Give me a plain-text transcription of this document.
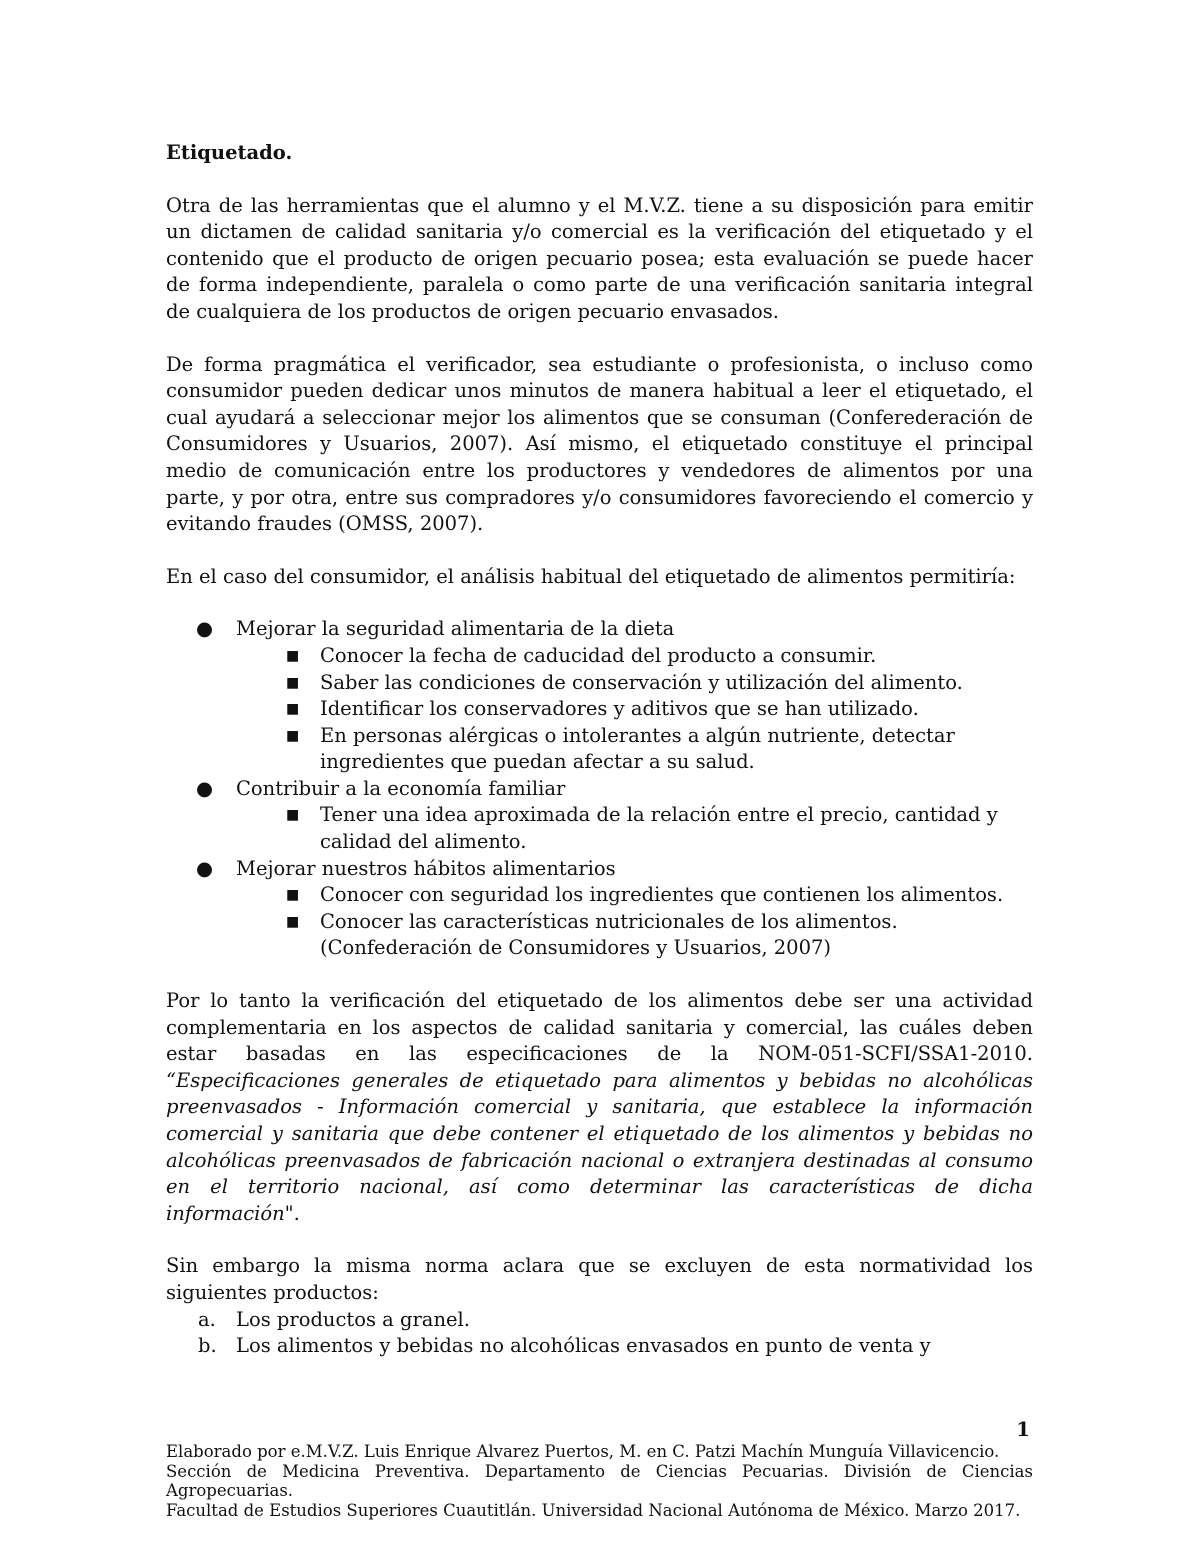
Etiquetado.

Otra de las herramientas que el alumno y el M.V.Z. tiene a su disposición para emitir un dictamen de calidad sanitaria y/o comercial es la verificación del etiquetado y el contenido que el producto de origen pecuario posea; esta evaluación se puede hacer de forma independiente, paralela o como parte de una verificación sanitaria integral de cualquiera de los productos de origen pecuario envasados.

De forma pragmática el verificador, sea estudiante o profesionista, o incluso como consumidor pueden dedicar unos minutos de manera habitual a leer el etiquetado, el cual ayudará a seleccionar mejor los alimentos que se consuman (Conferederación de Consumidores y Usuarios, 2007). Así mismo, el etiquetado constituye el principal medio de comunicación entre los productores y vendedores de alimentos por una parte, y por otra, entre sus compradores y/o consumidores favoreciendo el comercio y evitando fraudes (OMSS, 2007).

En el caso del consumidor, el análisis habitual del etiquetado de alimentos permitiría:

● Mejorar la seguridad alimentaria de la dieta
■ Conocer la fecha de caducidad del producto a consumir.
■ Saber las condiciones de conservación y utilización del alimento.
■ Identificar los conservadores y aditivos que se han utilizado.
■ En personas alérgicas o intolerantes a algún nutriente, detectar ingredientes que puedan afectar a su salud.
● Contribuir a la economía familiar
■ Tener una idea aproximada de la relación entre el precio, cantidad y calidad del alimento.
● Mejorar nuestros hábitos alimentarios
■ Conocer con seguridad los ingredientes que contienen los alimentos.
■ Conocer las características nutricionales de los alimentos. (Confederación de Consumidores y Usuarios, 2007)

Por lo tanto la verificación del etiquetado de los alimentos debe ser una actividad complementaria en los aspectos de calidad sanitaria y comercial, las cuáles deben estar basadas en las especificaciones de la NOM-051-SCFI/SSA1-2010. “Especificaciones generales de etiquetado para alimentos y bebidas no alcohólicas preenvasados - Información comercial y sanitaria, que establece la información comercial y sanitaria que debe contener el etiquetado de los alimentos y bebidas no alcohólicas preenvasados de fabricación nacional o extranjera destinadas al consumo en el territorio nacional, así como determinar las características de dicha información".

Sin embargo la misma norma aclara que se excluyen de esta normatividad los siguientes productos:

a. Los productos a granel.
b. Los alimentos y bebidas no alcohólicas envasados en punto de venta y
1
Elaborado por e.M.V.Z. Luis Enrique Alvarez Puertos, M. en C. Patzi Machín Munguía Villavicencio.
Sección de Medicina Preventiva. Departamento de Ciencias Pecuarias. División de Ciencias Agropecuarias.
Facultad de Estudios Superiores Cuautitlán. Universidad Nacional Autónoma de México. Marzo 2017.
